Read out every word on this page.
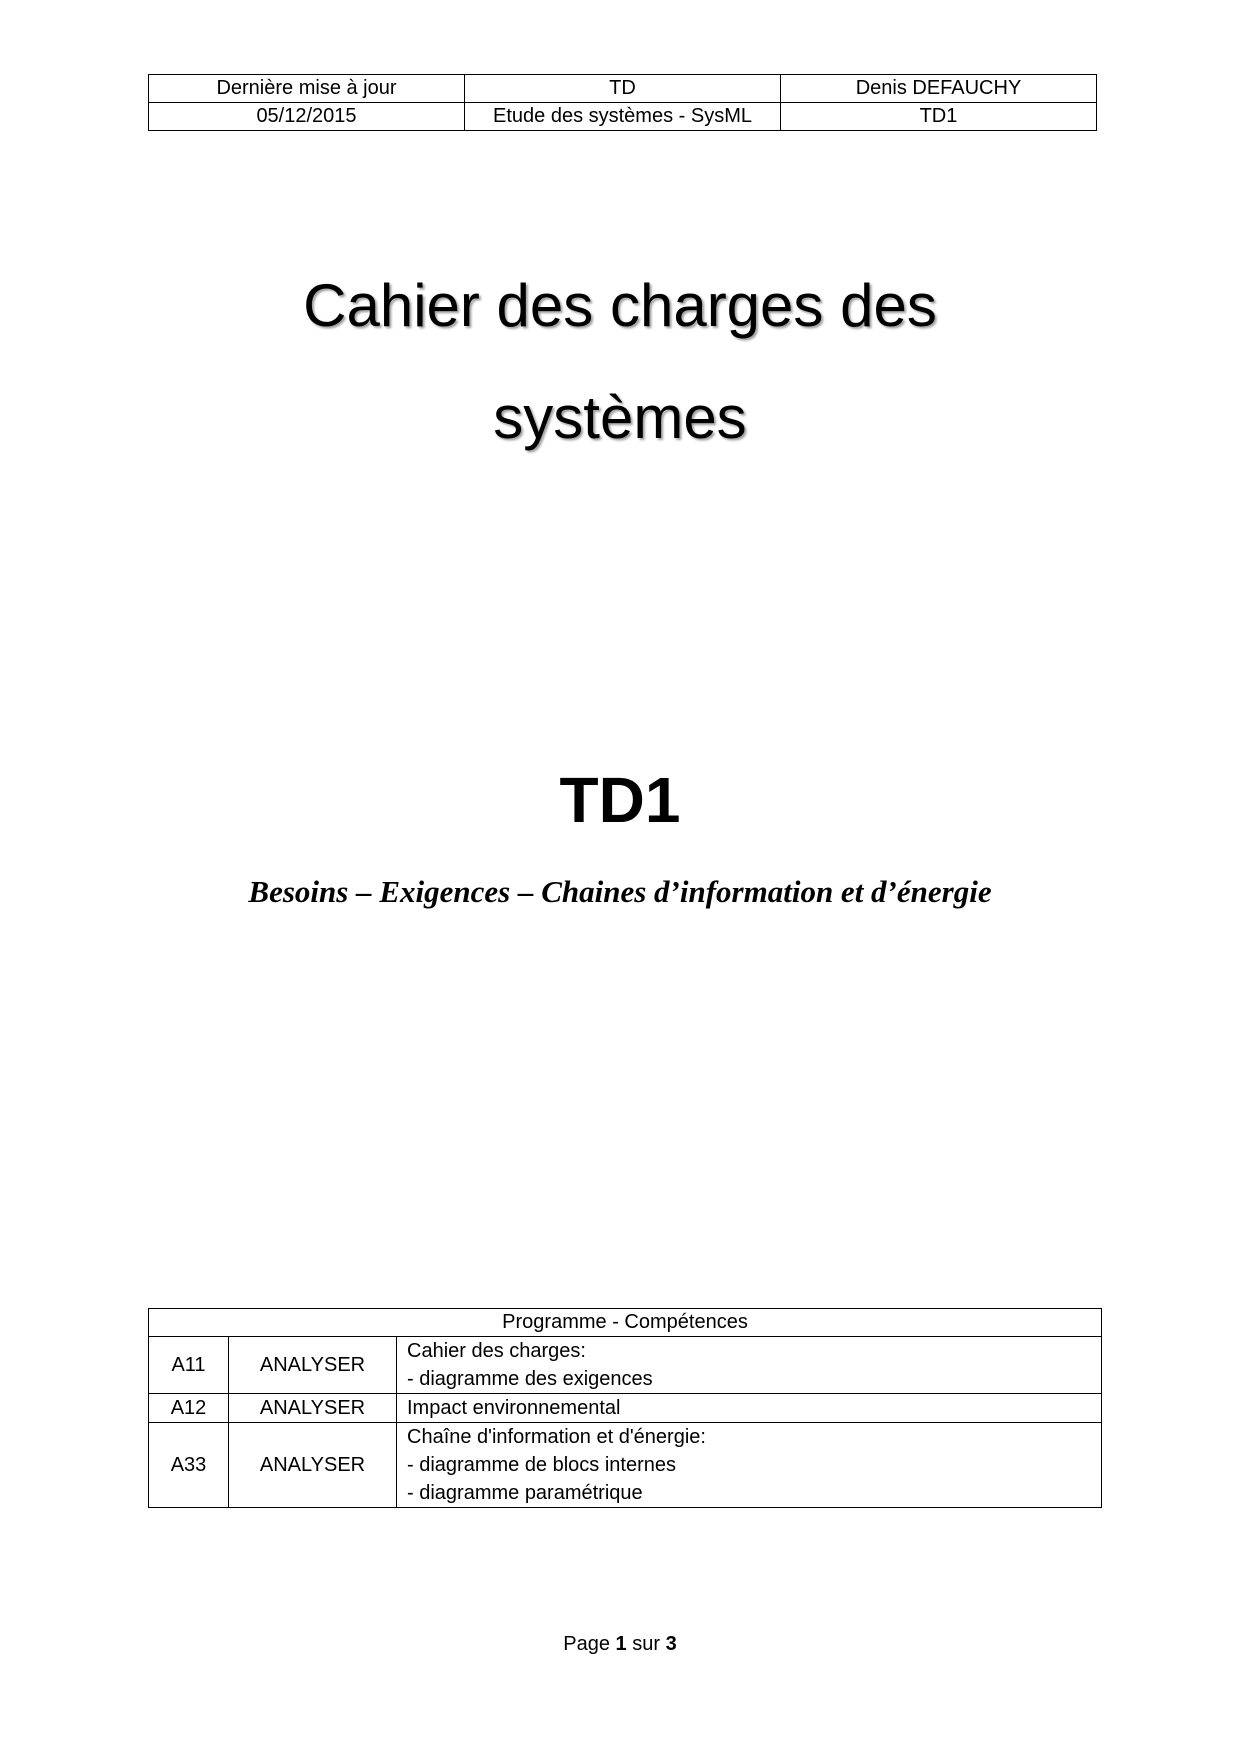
Dernière mise à jour	TD	Denis DEFAUCHY
05/12/2015	Etude des systèmes - SysML	TD1
Cahier des charges des
systèmes
TD1

Besoins – Exigences – Chaines d’information et d’énergie

Programme - Compétences		
A11	ANALYSER	Cahier des charges:
- diagramme des exigences

A12	ANALYSER	Impact environnemental

A33	ANALYSER	Chaîne d'information et d'énergie:
- diagramme de blocs internes
- diagramme paramétrique
Page 1 sur 3
